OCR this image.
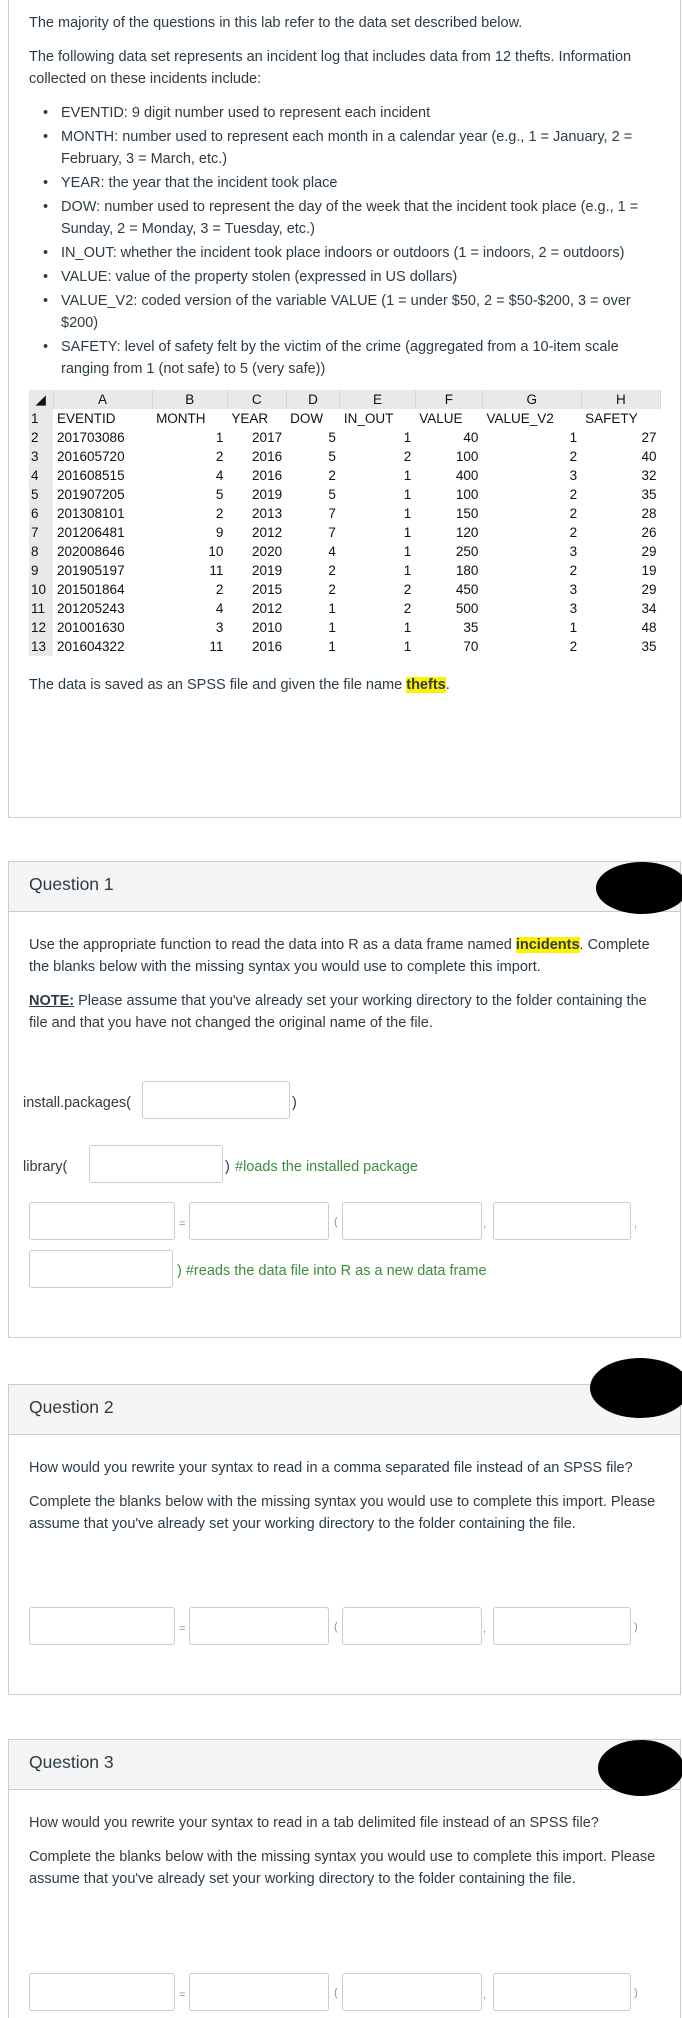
The majority of the questions in this lab refer to the data set described below.

The following data set represents an incident log that includes data from 12 thefts. Information collected on these incidents include:

• EVENTID: 9 digit number used to represent each incident
• MONTH: number used to represent each month in a calendar year (e.g., 1 = January, 2 = February, 3 = March, etc.)
• YEAR: the year that the incident took place
• DOW: number used to represent the day of the week that the incident took place (e.g., 1 = Sunday, 2 = Monday, 3 = Tuesday, etc.)
• IN_OUT: whether the incident took place indoors or outdoors (1 = indoors, 2 = outdoors)
• VALUE: value of the property stolen (expressed in US dollars)
• VALUE_V2: coded version of the variable VALUE (1 = under $50, 2 = $50-$200, 3 = over $200)
• SAFETY: level of safety felt by the victim of the crime (aggregated from a 10-item scale ranging from 1 (not safe) to 5 (very safe))
◢	A	B	C	D	E	F	G	H
1	EVENTID	MONTH	YEAR	DOW	IN_OUT	VALUE	VALUE_V2	SAFETY
2	201703086	1	2017	5	1	40	1	27
3	201605720	2	2016	5	2	100	2	40
4	201608515	4	2016	2	1	400	3	32
5	201907205	5	2019	5	1	100	2	35
6	201308101	2	2013	7	1	150	2	28
7	201206481	9	2012	7	1	120	2	26
8	202008646	10	2020	4	1	250	3	29
9	201905197	11	2019	2	1	180	2	19
10	201501864	2	2015	2	2	450	3	29
11	201205243	4	2012	1	2	500	3	34
12	201001630	3	2010	1	1	35	1	48
13	201604322	11	2016	1	1	70	2	35

The data is saved as an SPSS file and given the file name thefts.

Question 1

Use the appropriate function to read the data into R as a data frame named incidents. Complete the blanks below with the missing syntax you would use to complete this import.

NOTE: Please assume that you've already set your working directory to the folder containing the file and that you have not changed the original name of the file.

install.packages(	)
library(	) #loads the installed package
=	(	,	,
) #reads the data file into R as a new data frame
Question 2

How would you rewrite your syntax to read in a comma separated file instead of an SPSS file?

Complete the blanks below with the missing syntax you would use to complete this import. Please assume that you've already set your working directory to the folder containing the file.

=	(	,	)
Question 3

How would you rewrite your syntax to read in a tab delimited file instead of an SPSS file?

Complete the blanks below with the missing syntax you would use to complete this import. Please assume that you've already set your working directory to the folder containing the file.

=	(	,	)
